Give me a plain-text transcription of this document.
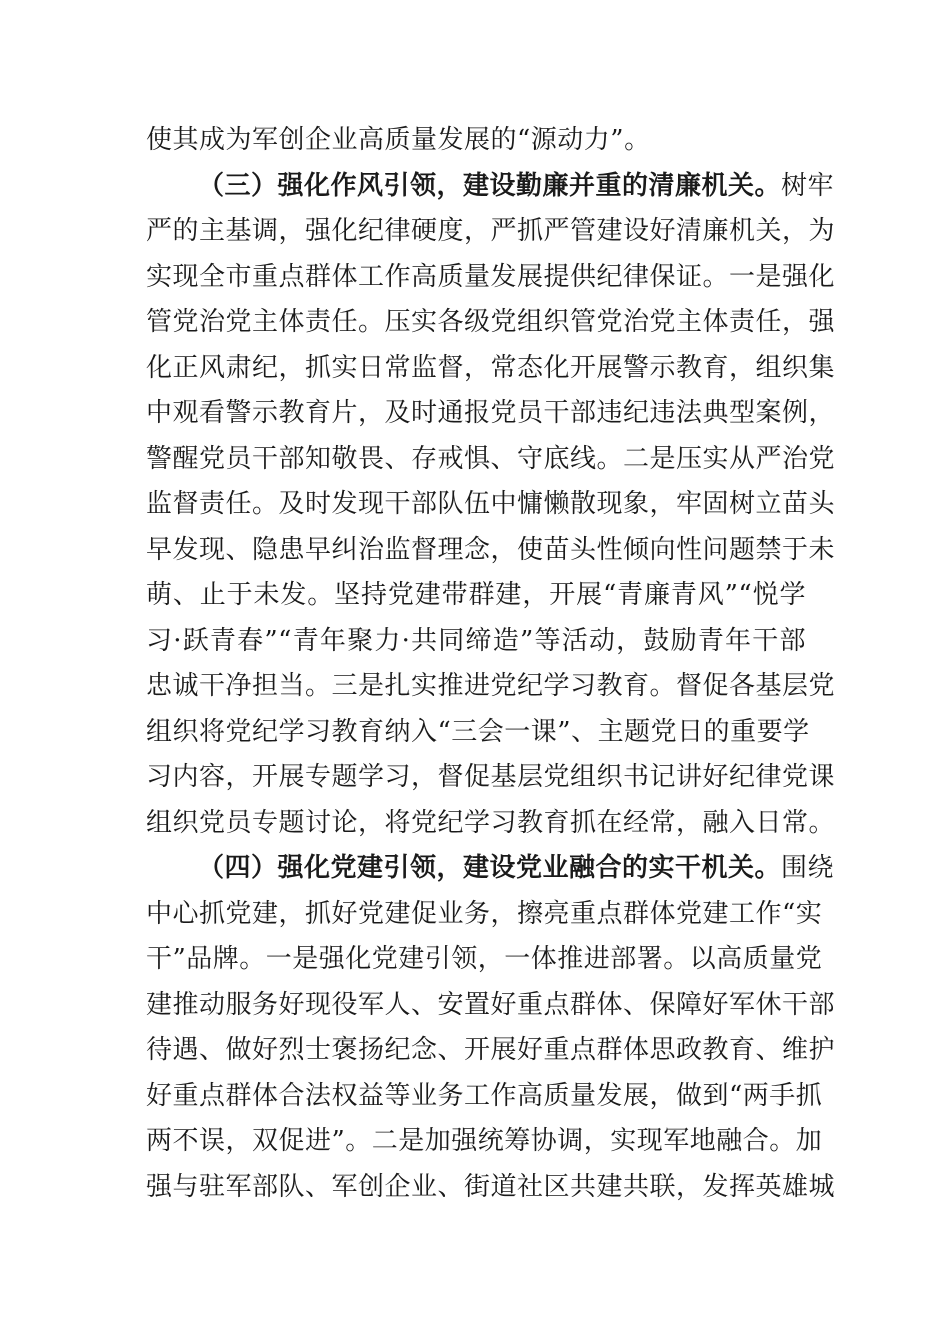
使其成为军创企业高质量发展的“源动力”。
（三）强化作风引领，建设勤廉并重的清廉机关。树牢
严的主基调，强化纪律硬度，严抓严管建设好清廉机关，为
实现全市重点群体工作高质量发展提供纪律保证。一是强化
管党治党主体责任。压实各级党组织管党治党主体责任，强
化正风肃纪，抓实日常监督，常态化开展警示教育，组织集
中观看警示教育片，及时通报党员干部违纪违法典型案例，
警醒党员干部知敬畏、存戒惧、守底线。二是压实从严治党
监督责任。及时发现干部队伍中慵懒散现象，牢固树立苗头
早发现、隐患早纠治监督理念，使苗头性倾向性问题禁于未
萌、止于未发。坚持党建带群建，开展“青廉青风”“悦学
习·跃青春”“青年聚力·共同缔造”等活动，鼓励青年干部
忠诚干净担当。三是扎实推进党纪学习教育。督促各基层党
组织将党纪学习教育纳入“三会一课”、主题党日的重要学
习内容，开展专题学习，督促基层党组织书记讲好纪律党课
组织党员专题讨论，将党纪学习教育抓在经常，融入日常。
（四）强化党建引领，建设党业融合的实干机关。围绕
中心抓党建，抓好党建促业务，擦亮重点群体党建工作“实
干”品牌。一是强化党建引领，一体推进部署。以高质量党
建推动服务好现役军人、安置好重点群体、保障好军休干部
待遇、做好烈士褒扬纪念、开展好重点群体思政教育、维护
好重点群体合法权益等业务工作高质量发展，做到“两手抓
两不误，双促进”。二是加强统筹协调，实现军地融合。加
强与驻军部队、军创企业、街道社区共建共联，发挥英雄城
